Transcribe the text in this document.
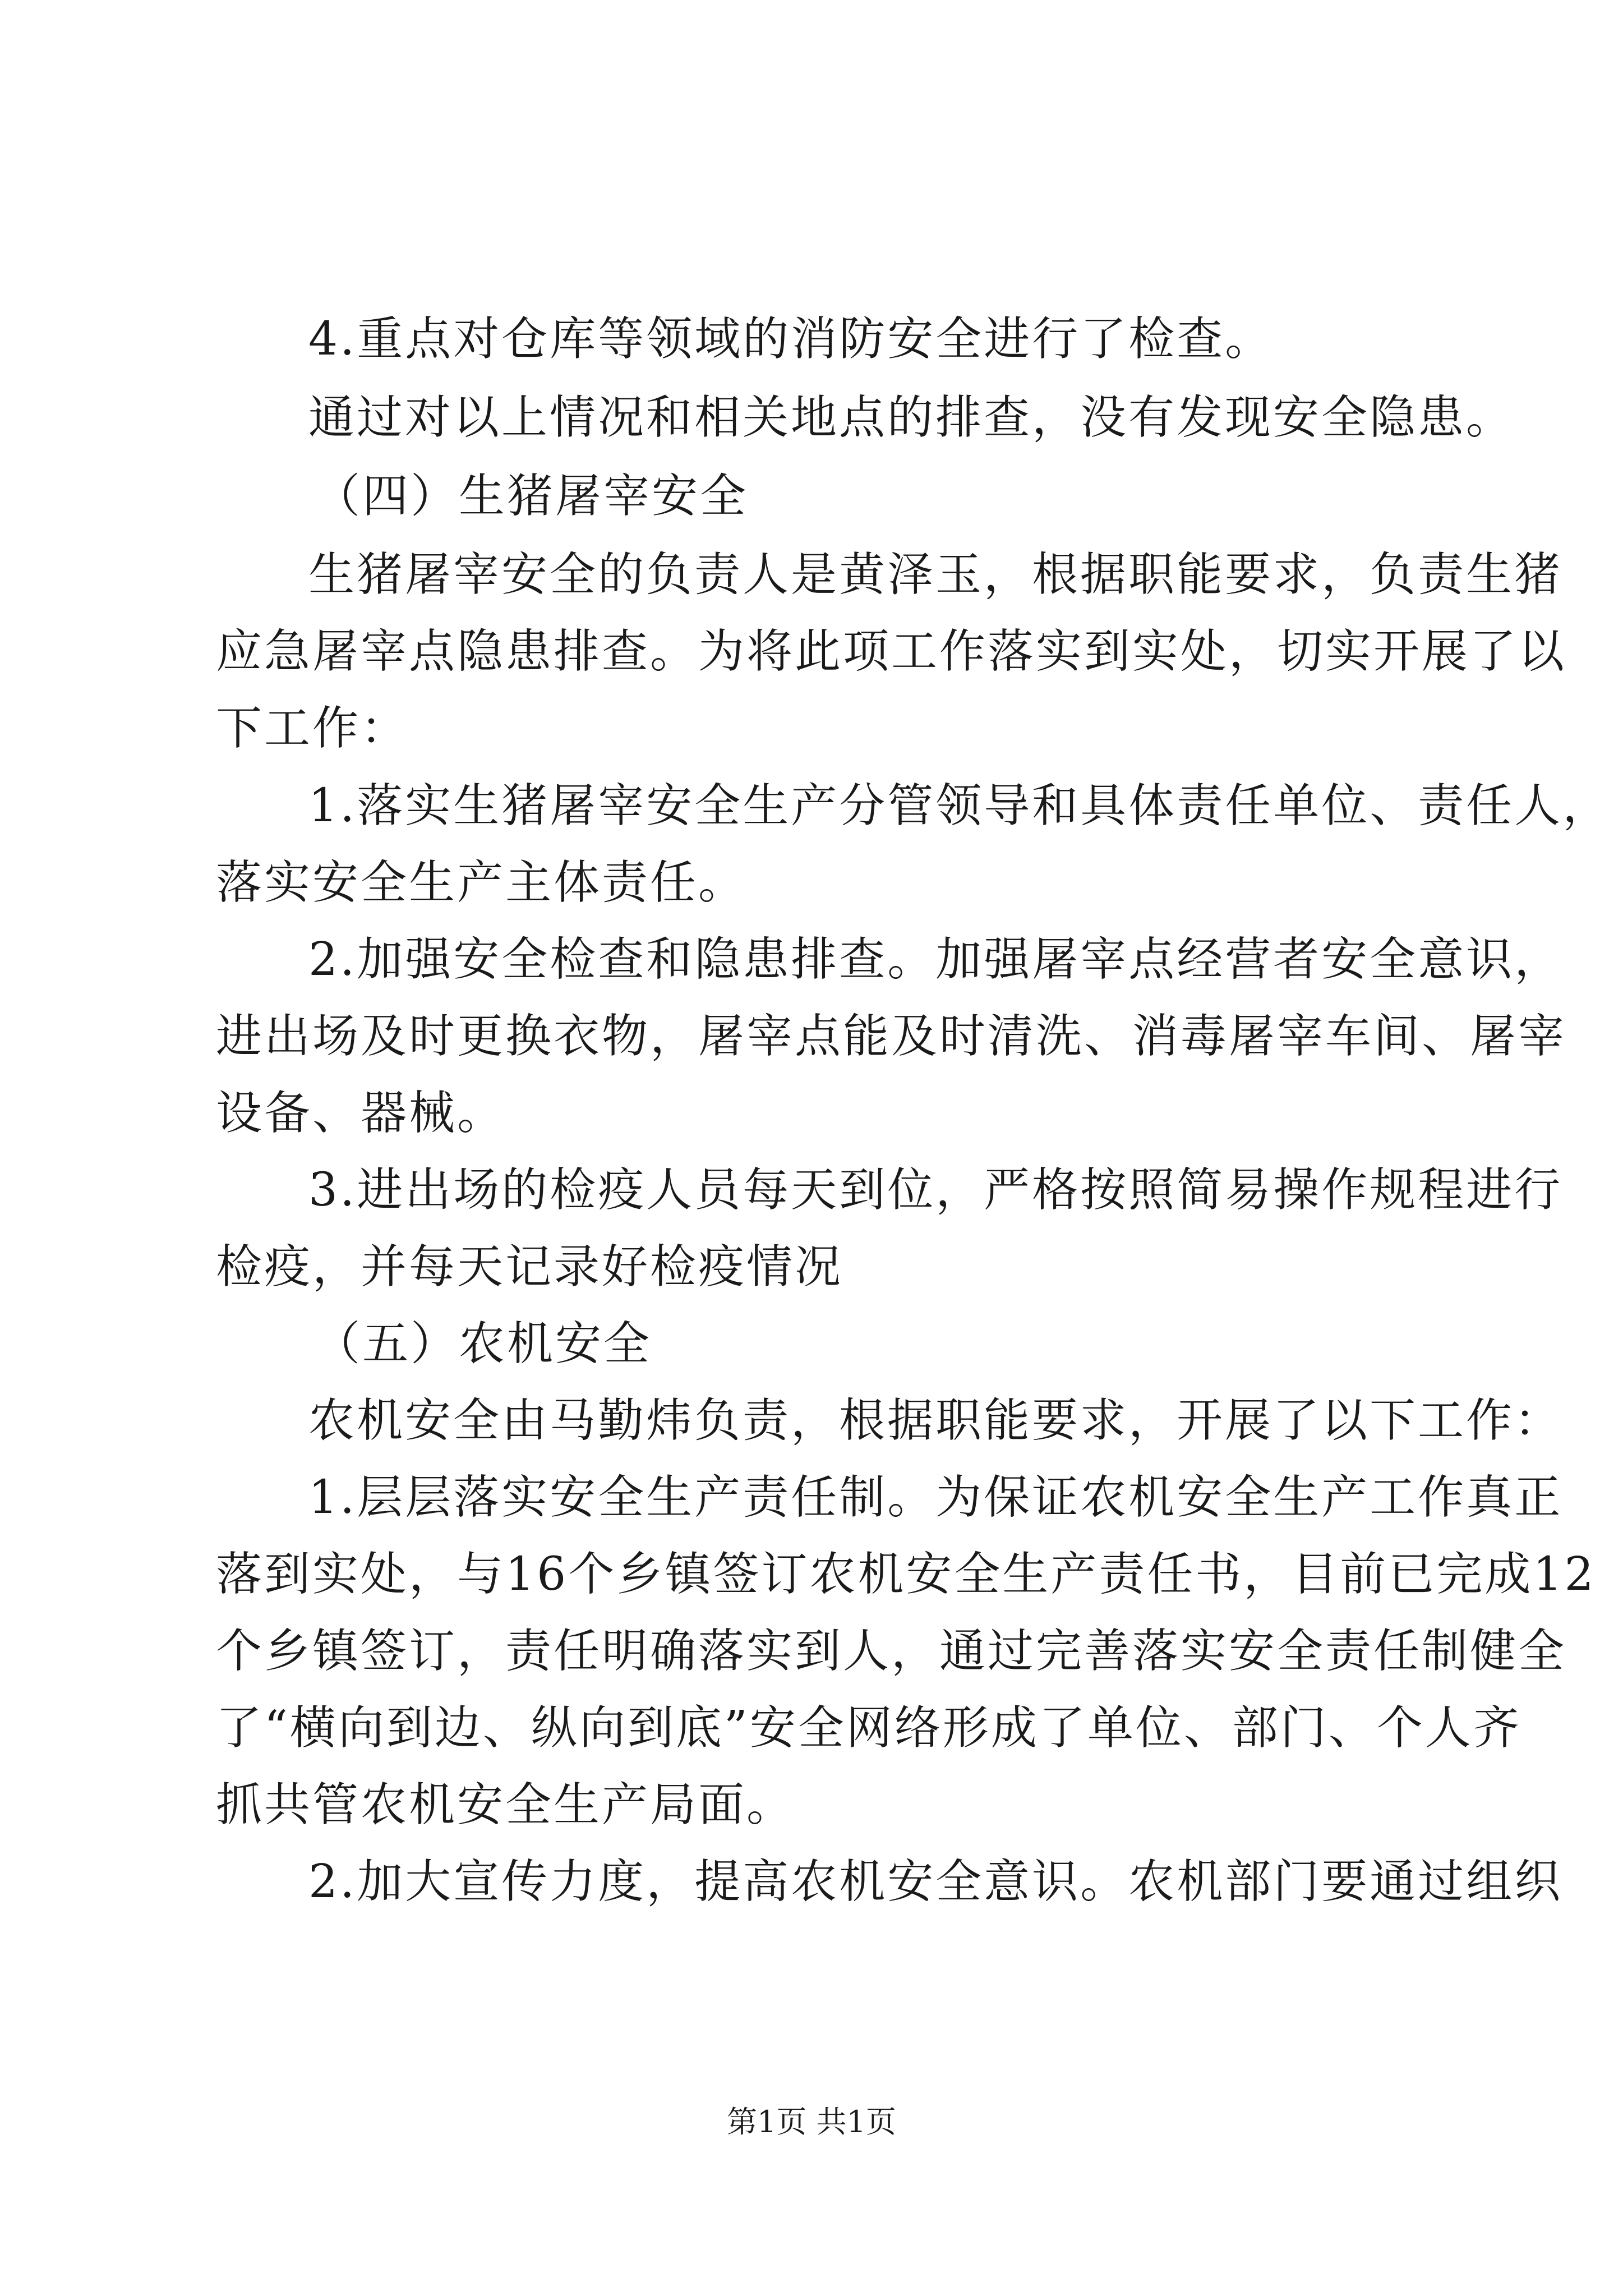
4.重点对仓库等领域的消防安全进行了检查。
通过对以上情况和相关地点的排查，没有发现安全隐患。
（四）生猪屠宰安全
生猪屠宰安全的负责人是黄泽玉，根据职能要求，负责生猪
应急屠宰点隐患排查。为将此项工作落实到实处，切实开展了以
下工作：
1.落实生猪屠宰安全生产分管领导和具体责任单位、责任人，
落实安全生产主体责任。
2.加强安全检查和隐患排查。加强屠宰点经营者安全意识，
进出场及时更换衣物，屠宰点能及时清洗、消毒屠宰车间、屠宰
设备、器械。
3.进出场的检疫人员每天到位，严格按照简易操作规程进行
检疫，并每天记录好检疫情况
（五）农机安全
农机安全由马勤炜负责，根据职能要求，开展了以下工作：
1.层层落实安全生产责任制。为保证农机安全生产工作真正
落到实处，与16个乡镇签订农机安全生产责任书，目前已完成12
个乡镇签订，责任明确落实到人，通过完善落实安全责任制健全
了“横向到边、纵向到底”安全网络形成了单位、部门、个人齐
抓共管农机安全生产局面。
2.加大宣传力度，提高农机安全意识。农机部门要通过组织
第1页 共1页
